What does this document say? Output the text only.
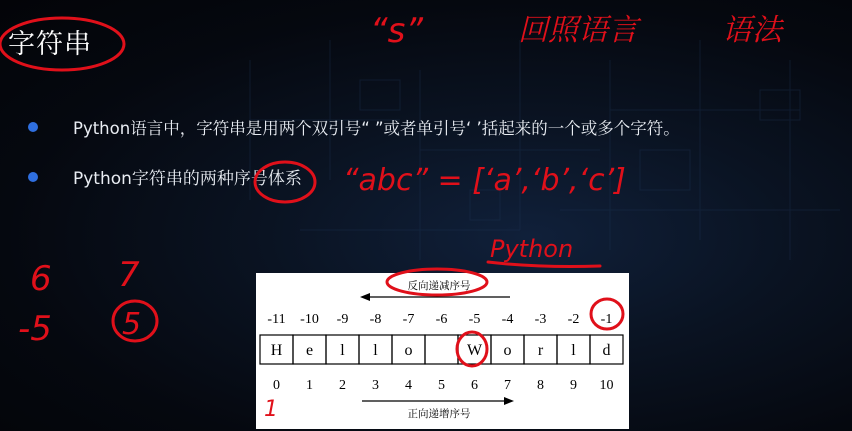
字符串
Python语言中，字符串是用两个双引号“ ”或者单引号‘ ’括起来的一个或多个字符。
Python字符串的两种序号体系
反向递减序号
-11 -10 -9 -8 -7 -6 -5 -4 -3 -2 -1
H e l l o	W o r l d
0 1 2 3 4 5 6 7 8 9 10
正向递增序号
“s”	回照语言	语法
“abc” = [‘a’,‘b’,‘c’]
Python
6 7
-5 5
1
